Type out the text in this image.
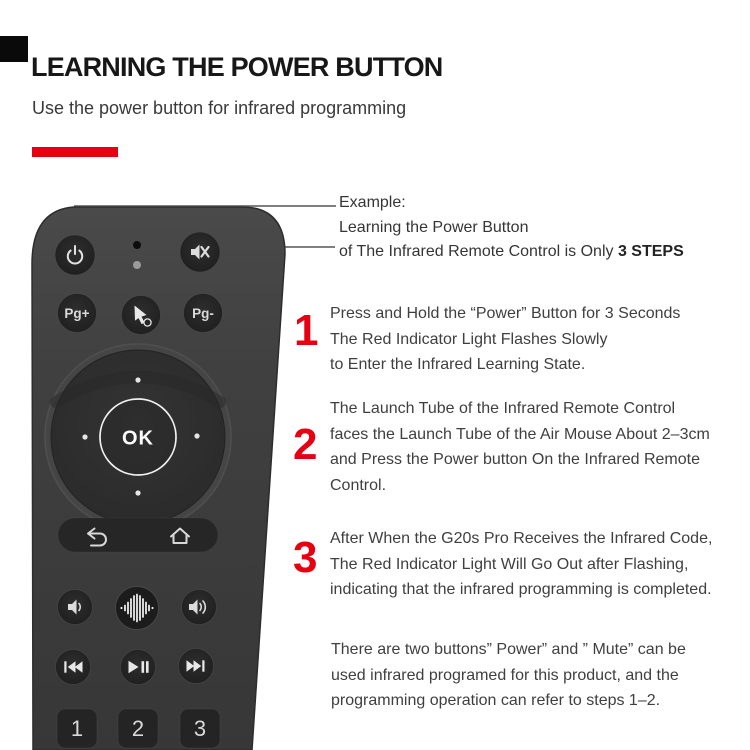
LEARNING THE POWER BUTTON
Use the power button for infrared programming
Pg+	Pg-
OK
1 2 3
Example:
Learning the Power Button
of The Infrared Remote Control is Only 3 STEPS
1 Press and Hold the “Power” Button for 3 Seconds
The Red Indicator Light Flashes Slowly
to Enter the Infrared Learning State.
2
The Launch Tube of the Infrared Remote Control
faces the Launch Tube of the Air Mouse About 2–3cm
and Press the Power button On the Infrared Remote
Control.
3 After When the G20s Pro Receives the Infrared Code,
The Red Indicator Light Will Go Out after Flashing,
indicating that the infrared programming is completed.
There are two buttons” Power” and ” Mute” can be
used infrared programed for this product, and the
programming operation can refer to steps 1–2.
